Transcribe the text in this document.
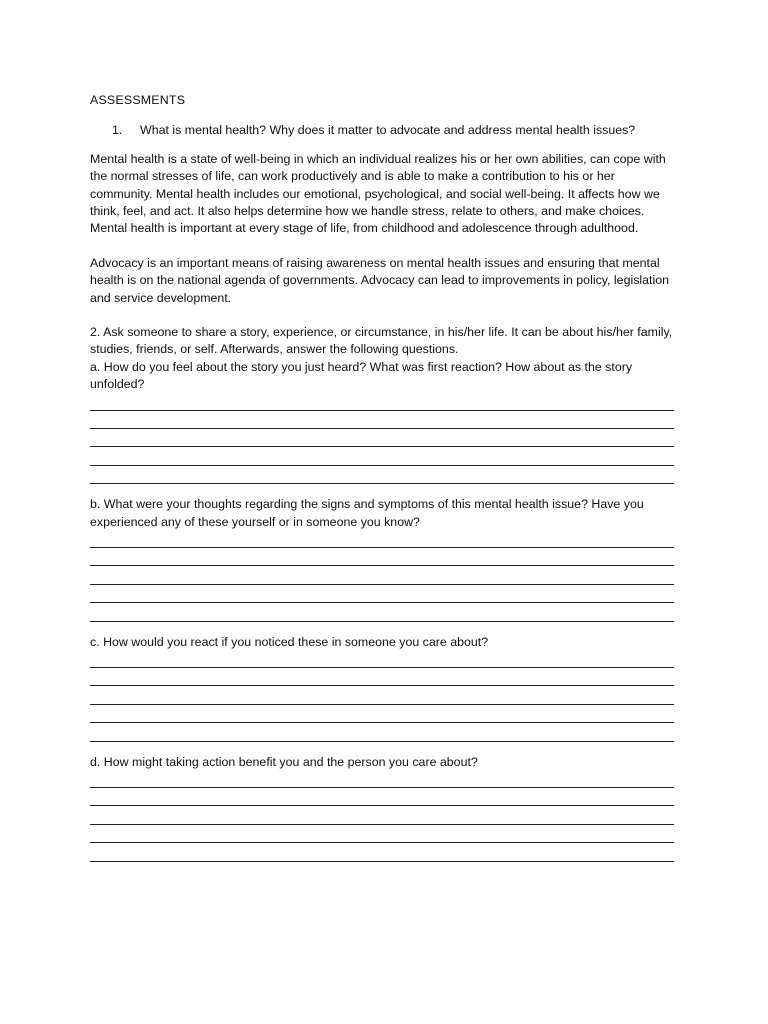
ASSESSMENTS
1.	What is mental health? Why does it matter to advocate and address mental health issues?

Mental health is a state of well-being in which an individual realizes his or her own abilities, can cope with the normal stresses of life, can work productively and is able to make a contribution to his or her community. Mental health includes our emotional, psychological, and social well-being. It affects how we think, feel, and act. It also helps determine how we handle stress, relate to others, and make choices. Mental health is important at every stage of life, from childhood and adolescence through adulthood.

Advocacy is an important means of raising awareness on mental health issues and ensuring that mental health is on the national agenda of governments. Advocacy can lead to improvements in policy, legislation and service development.

2. Ask someone to share a story, experience, or circumstance, in his/her life. It can be about his/her family, studies, friends, or self. Afterwards, answer the following questions.

a. How do you feel about the story you just heard? What was first reaction? How about as the story unfolded?

b. What were your thoughts regarding the signs and symptoms of this mental health issue? Have you experienced any of these yourself or in someone you know?

c. How would you react if you noticed these in someone you care about?

d. How might taking action benefit you and the person you care about?
